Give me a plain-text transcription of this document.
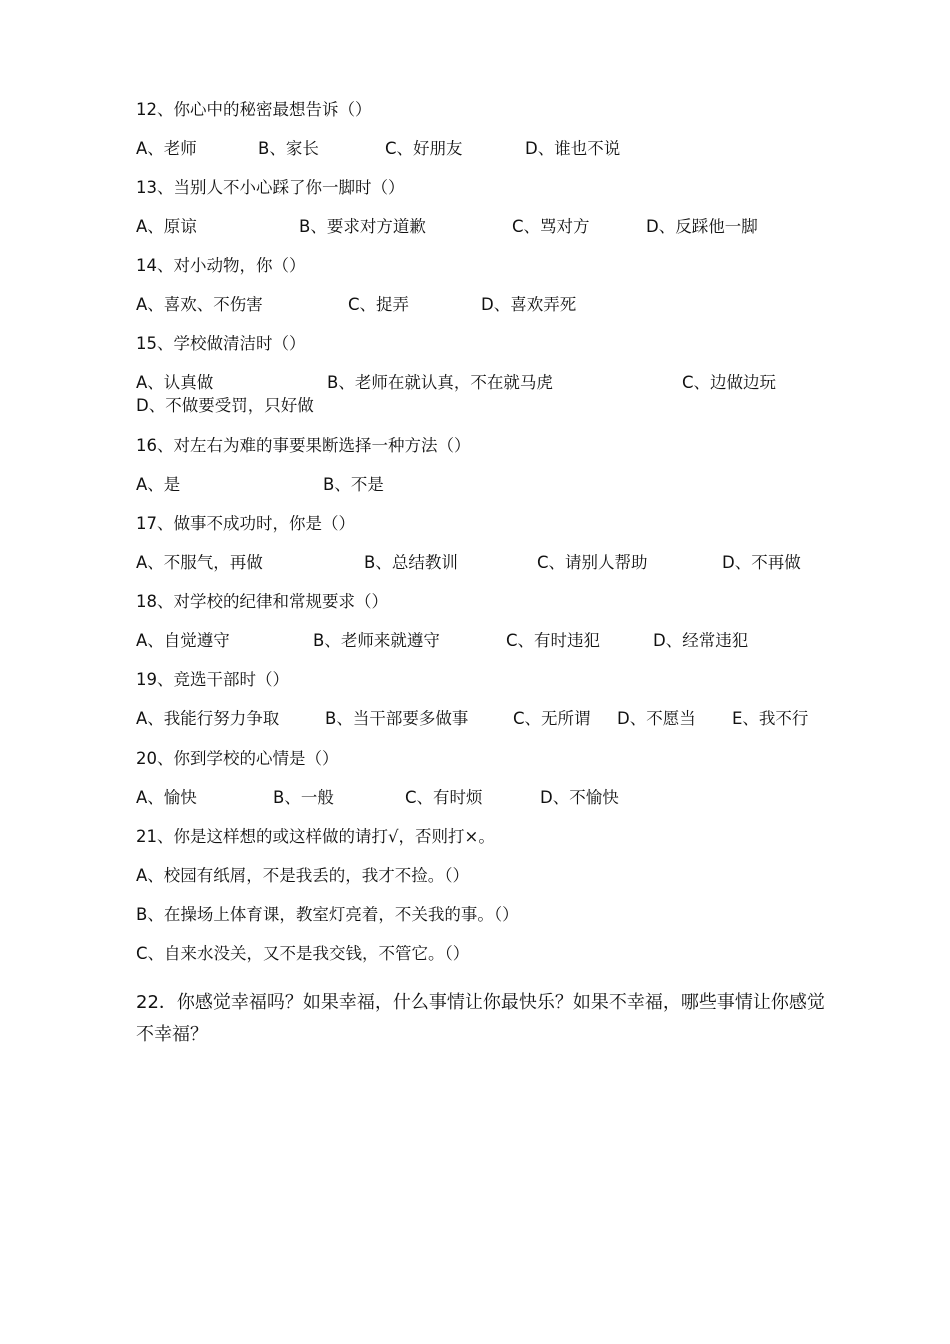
12、你心中的秘密最想告诉（）
A、老师	B、家长	C、好朋友	D、谁也不说
13、当别人不小心踩了你一脚时（）
A、原谅	B、要求对方道歉	C、骂对方	D、反踩他一脚
14、对小动物，你（）
A、喜欢、不伤害	C、捉弄	D、喜欢弄死
15、学校做清洁时（）
A、认真做	B、老师在就认真，不在就马虎	C、边做边玩
D、不做要受罚，只好做
16、对左右为难的事要果断选择一种方法（）
A、是	B、不是
17、做事不成功时，你是（）
A、不服气，再做	B、总结教训	C、请别人帮助	D、不再做
18、对学校的纪律和常规要求（）
A、自觉遵守	B、老师来就遵守	C、有时违犯	D、经常违犯
19、竞选干部时（）
A、我能行努力争取	B、当干部要多做事	C、无所谓 D、不愿当 E、我不行
20、你到学校的心情是（）
A、愉快	B、一般	C、有时烦	D、不愉快
21、你是这样想的或这样做的请打√，否则打×。
A、校园有纸屑，不是我丢的，我才不捡。（）
B、在操场上体育课，教室灯亮着，不关我的事。（）
C、自来水没关，又不是我交钱，不管它。（）
22．你感觉幸福吗？如果幸福，什么事情让你最快乐？如果不幸福，哪些事情让你感觉不幸福？
